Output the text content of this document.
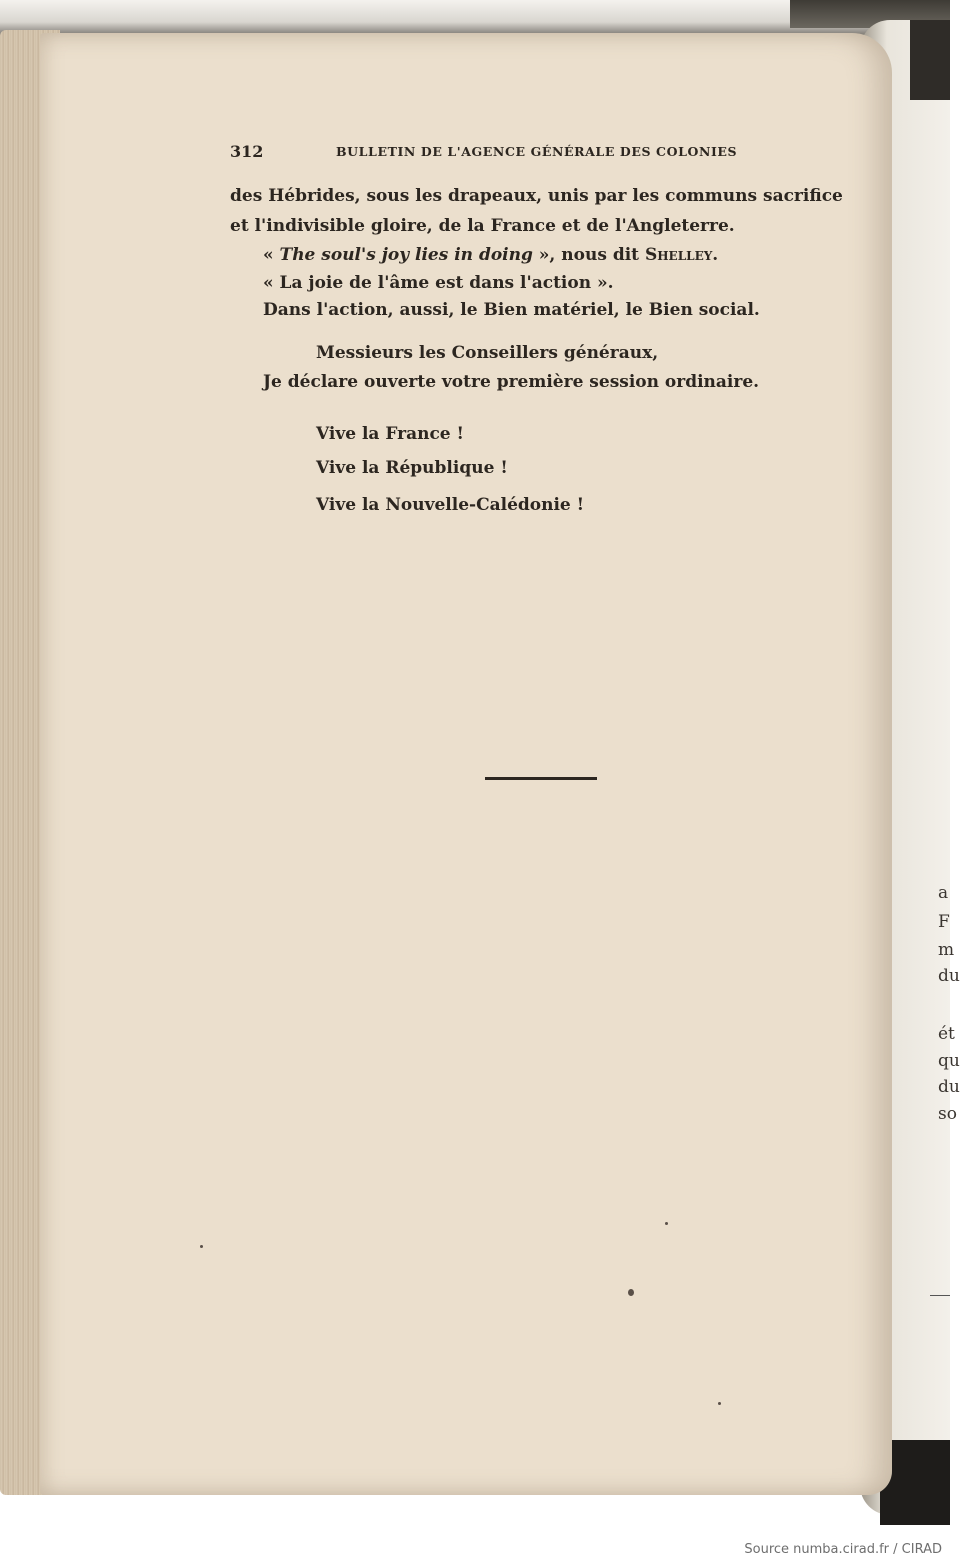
a
F
m
du
ét
qu
du
so
312	BULLETIN DE L'AGENCE GÉNÉRALE DES COLONIES
des Hébrides, sous les drapeaux, unis par les communs sacrifice
et l'indivisible gloire, de la France et de l'Angleterre.
« The soul's joy lies in doing », nous dit Shelley.
« La joie de l'âme est dans l'action ».
Dans l'action, aussi, le Bien matériel, le Bien social.
Messieurs les Conseillers généraux,
Je déclare ouverte votre première session ordinaire.
Vive la France !
Vive la République !
Vive la Nouvelle-Calédonie !
Source numba.cirad.fr / CIRAD
